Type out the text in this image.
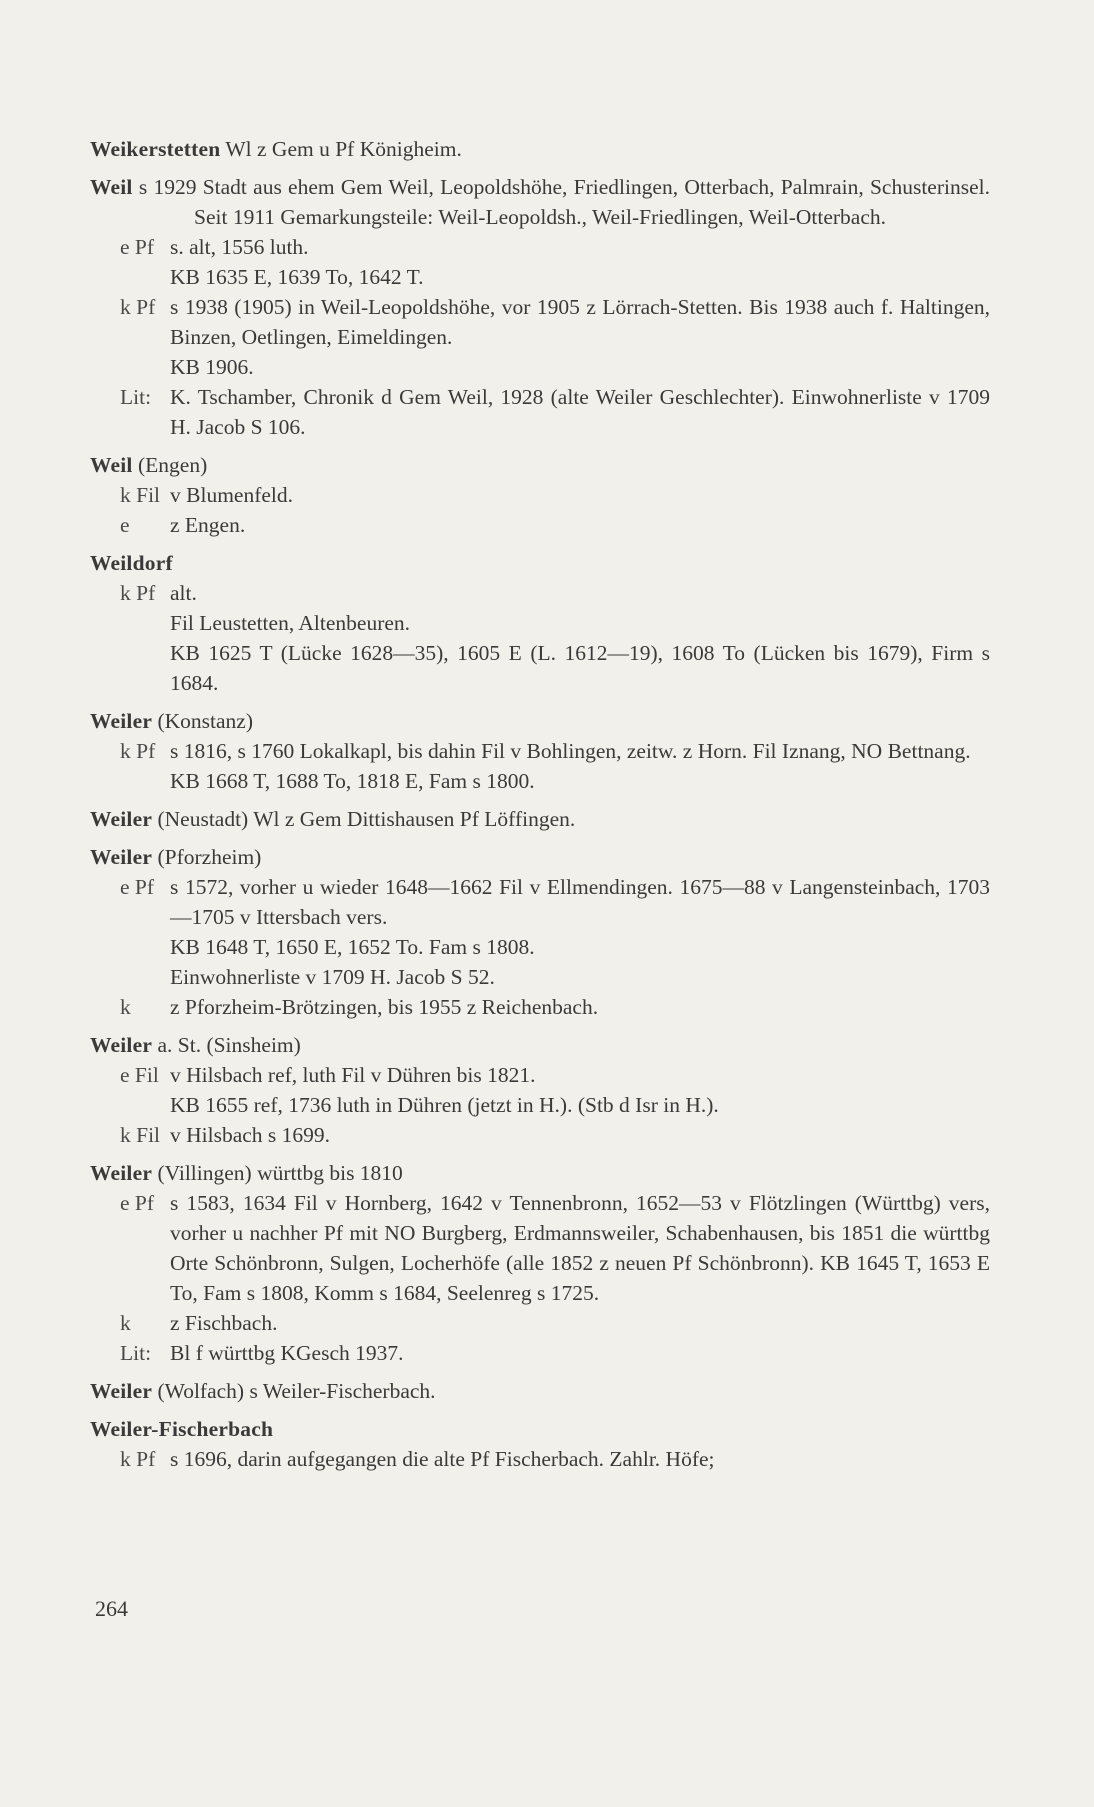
Weikerstetten Wl z Gem u Pf Königheim.
Weil s 1929 Stadt aus ehem Gem Weil, Leopoldshöhe, Friedlingen, Otterbach, Palmrain, Schusterinsel. Seit 1911 Gemarkungsteile: Weil-Leopoldsh., Weil-Friedlingen, Weil-Otterbach.
e Pf s. alt, 1556 luth.
KB 1635 E, 1639 To, 1642 T.
k Pf s 1938 (1905) in Weil-Leopoldshöhe, vor 1905 z Lörrach-Stetten. Bis 1938 auch f. Haltingen, Binzen, Oetlingen, Eimeldingen.
KB 1906.
Lit: K. Tschamber, Chronik d Gem Weil, 1928 (alte Weiler Geschlechter). Einwohnerliste v 1709 H. Jacob S 106.
Weil (Engen)
k Fil v Blumenfeld.
e	z Engen.
Weildorf
k Pf alt.
Fil Leustetten, Altenbeuren.
KB 1625 T (Lücke 1628—35), 1605 E (L. 1612—19), 1608 To (Lücken bis 1679), Firm s 1684.
Weiler (Konstanz)
k Pf s 1816, s 1760 Lokalkapl, bis dahin Fil v Bohlingen, zeitw. z Horn. Fil Iznang, NO Bettnang.
KB 1668 T, 1688 To, 1818 E, Fam s 1800.
Weiler (Neustadt) Wl z Gem Dittishausen Pf Löffingen.
Weiler (Pforzheim)
e Pf s 1572, vorher u wieder 1648—1662 Fil v Ellmendingen. 1675—88 v Langensteinbach, 1703—1705 v Ittersbach vers.
KB 1648 T, 1650 E, 1652 To. Fam s 1808.
Einwohnerliste v 1709 H. Jacob S 52.
k	z Pforzheim-Brötzingen, bis 1955 z Reichenbach.
Weiler a. St. (Sinsheim)
e Fil v Hilsbach ref, luth Fil v Dühren bis 1821.
KB 1655 ref, 1736 luth in Dühren (jetzt in H.). (Stb d Isr in H.).
k Fil v Hilsbach s 1699.
Weiler (Villingen) württbg bis 1810
e Pf s 1583, 1634 Fil v Hornberg, 1642 v Tennenbronn, 1652—53 v Flötzlingen (Württbg) vers, vorher u nachher Pf mit NO Burgberg, Erdmannsweiler, Schabenhausen, bis 1851 die württbg Orte Schönbronn, Sulgen, Locherhöfe (alle 1852 z neuen Pf Schönbronn). KB 1645 T, 1653 E To, Fam s 1808, Komm s 1684, Seelenreg s 1725.
k	z Fischbach.
Lit: Bl f württbg KGesch 1937.
Weiler (Wolfach) s Weiler-Fischerbach.
Weiler-Fischerbach
k Pf s 1696, darin aufgegangen die alte Pf Fischerbach. Zahlr. Höfe;
264
